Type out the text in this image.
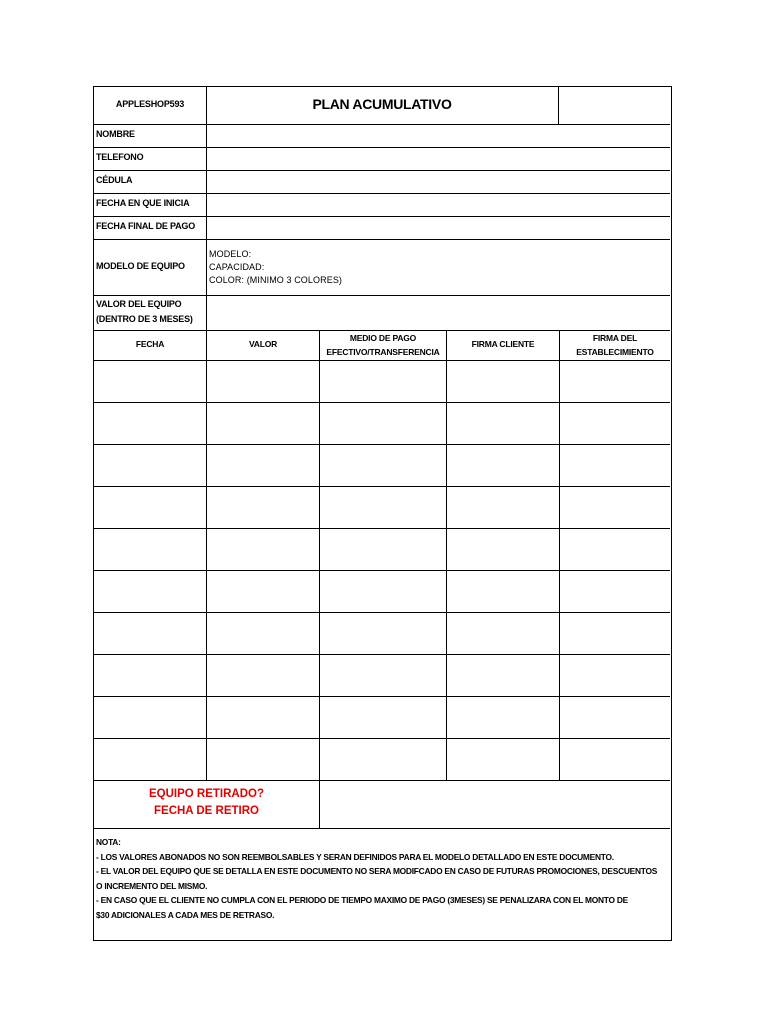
APPLESHOP593	PLAN ACUMULATIVO
NOMBRE
TELEFONO
CÉDULA
FECHA EN QUE INICIA
FECHA FINAL DE PAGO
MODELO DE EQUIPO
MODELO:
CAPACIDAD:
COLOR: (MINIMO 3 COLORES)
VALOR DEL EQUIPO
(DENTRO DE 3 MESES)
FECHA	VALOR
MEDIO DE PAGO
EFECTIVO/TRANSFERENCIA
FIRMA CLIENTE
FIRMA DEL
ESTABLECIMIENTO
EQUIPO RETIRADO?
FECHA DE RETIRO
NOTA:
- LOS VALORES ABONADOS NO SON REEMBOLSABLES Y SERAN DEFINIDOS PARA EL MODELO DETALLADO EN ESTE DOCUMENTO.
- EL VALOR DEL EQUIPO QUE SE DETALLA EN ESTE DOCUMENTO NO SERA MODIFCADO EN CASO DE FUTURAS PROMOCIONES, DESCUENTOS
O INCREMENTO DEL MISMO.
- EN CASO QUE EL CLIENTE NO CUMPLA CON EL PERIODO DE TIEMPO MAXIMO DE PAGO (3MESES) SE PENALIZARA CON EL MONTO DE
$30 ADICIONALES A CADA MES DE RETRASO.
